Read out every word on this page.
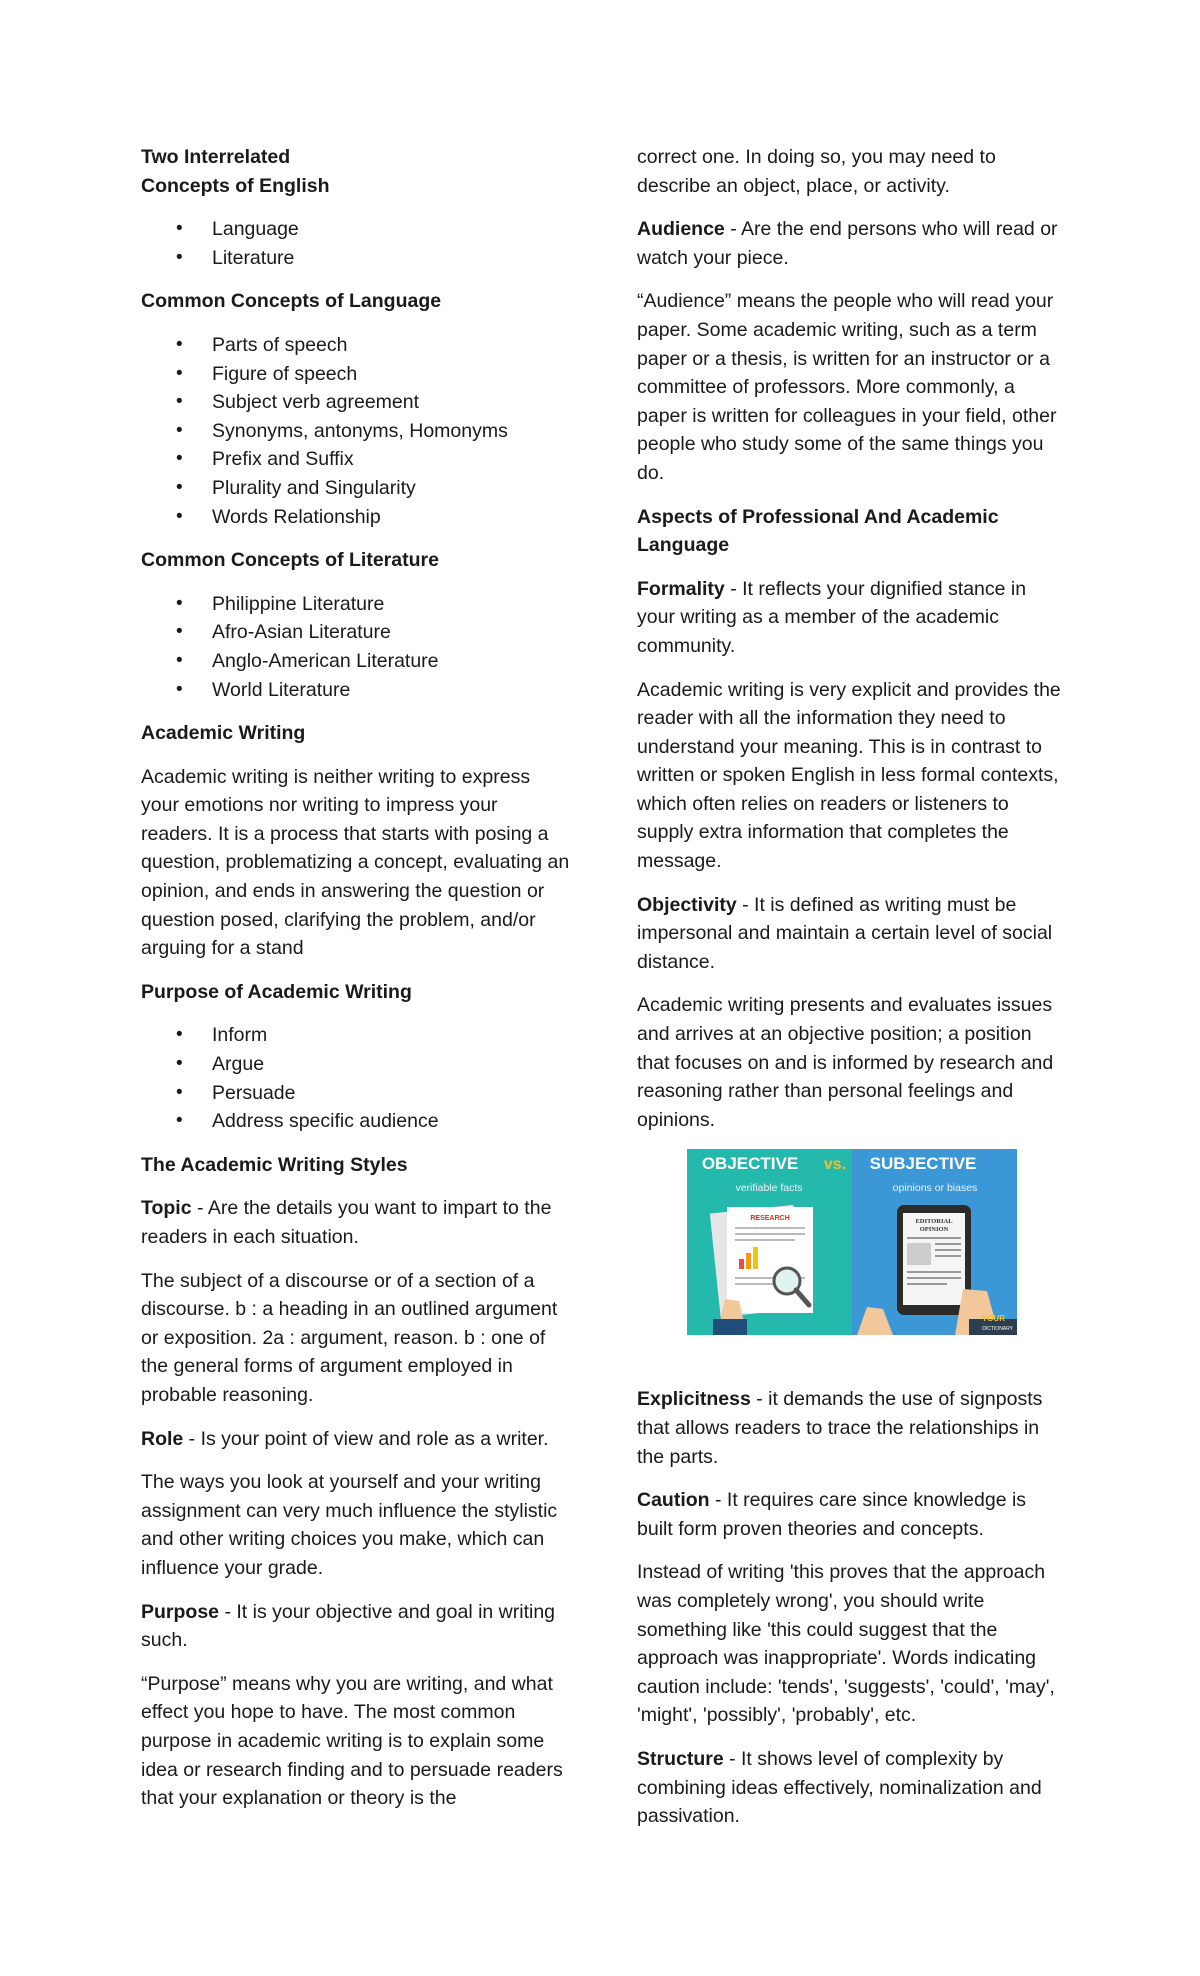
Two Interrelated
Concepts of English
• Language
• Literature
Common Concepts of Language
• Parts of speech
• Figure of speech
• Subject verb agreement
• Synonyms, antonyms, Homonyms
• Prefix and Suffix
• Plurality and Singularity
• Words Relationship
Common Concepts of Literature
• Philippine Literature
• Afro-Asian Literature
• Anglo-American Literature
• World Literature
Academic Writing
Academic writing is neither writing to express your emotions nor writing to impress your readers. It is a process that starts with posing a question, problematizing a concept, evaluating an opinion, and ends in answering the question or question posed, clarifying the problem, and/or arguing for a stand
Purpose of Academic Writing
• Inform
• Argue
• Persuade
• Address specific audience
The Academic Writing Styles
Topic - Are the details you want to impart to the readers in each situation.
The subject of a discourse or of a section of a discourse. b : a heading in an outlined argument or exposition. 2a : argument, reason. b : one of the general forms of argument employed in probable reasoning.
Role - Is your point of view and role as a writer.
The ways you look at yourself and your writing assignment can very much influence the stylistic and other writing choices you make, which can influence your grade.
Purpose - It is your objective and goal in writing such.
“Purpose” means why you are writing, and what effect you hope to have. The most common purpose in academic writing is to explain some idea or research finding and to persuade readers that your explanation or theory is the
correct one. In doing so, you may need to describe an object, place, or activity.
Audience - Are the end persons who will read or watch your piece.
“Audience” means the people who will read your paper. Some academic writing, such as a term paper or a thesis, is written for an instructor or a committee of professors. More commonly, a paper is written for colleagues in your field, other people who study some of the same things you do.
Aspects of Professional And Academic Language
Formality - It reflects your dignified stance in your writing as a member of the academic community.
Academic writing is very explicit and provides the reader with all the information they need to understand your meaning. This is in contrast to written or spoken English in less formal contexts, which often relies on readers or listeners to supply extra information that completes the message.
Objectivity - It is defined as writing must be impersonal and maintain a certain level of social distance.
Academic writing presents and evaluates issues and arrives at an objective position; a position that focuses on and is informed by research and reasoning rather than personal feelings and opinions.
OBJECTIVE vs. SUBJECTIVE
verifiable facts	opinions or biases
RESEARCH	EDITORIAL
OPINION
YOUR
DICTIONARY
Explicitness - it demands the use of signposts that allows readers to trace the relationships in the parts.
Caution - It requires care since knowledge is built form proven theories and concepts.
Instead of writing 'this proves that the approach was completely wrong', you should write something like 'this could suggest that the approach was inappropriate'. Words indicating caution include: 'tends', 'suggests', 'could', 'may', 'might', 'possibly', 'probably', etc.
Structure - It shows level of complexity by combining ideas effectively, nominalization and passivation.
